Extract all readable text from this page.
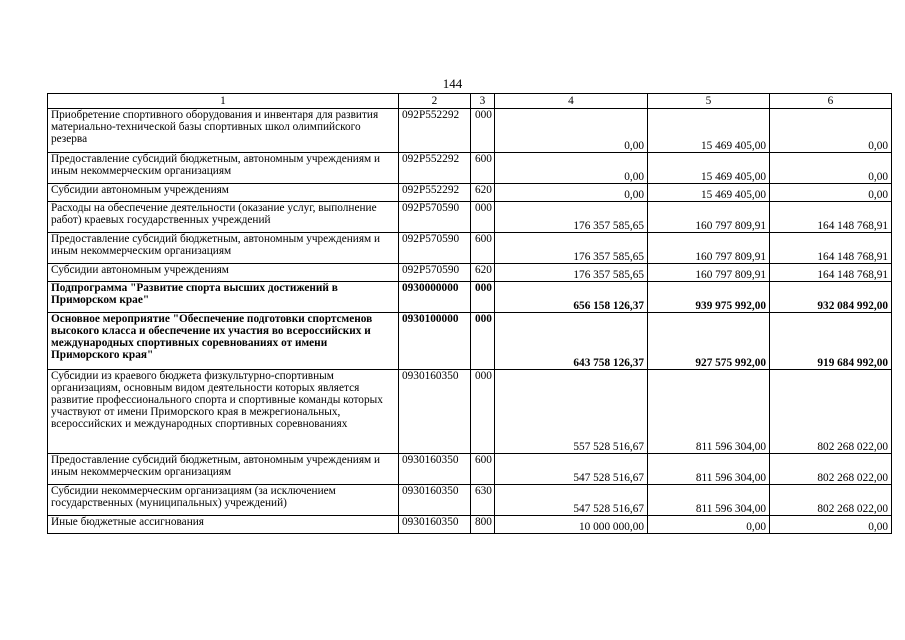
144
1	2	3	4	5	6
Приобретение спортивного оборудования и инвентаря для развития материально-технической базы спортивных школ олимпийского резерва	092P552292	000	0,00	15 469 405,00	0,00
Предоставление субсидий бюджетным, автономным учреждениям и иным некоммерческим организациям	092P552292	600	0,00	15 469 405,00	0,00
Субсидии автономным учреждениям	092P552292	620	0,00	15 469 405,00	0,00
Расходы на обеспечение деятельности (оказание услуг, выполнение работ) краевых государственных учреждений	092P570590	000	176 357 585,65	160 797 809,91	164 148 768,91
Предоставление субсидий бюджетным, автономным учреждениям и иным некоммерческим организациям	092P570590	600	176 357 585,65	160 797 809,91	164 148 768,91
Субсидии автономным учреждениям	092P570590	620	176 357 585,65	160 797 809,91	164 148 768,91
Подпрограмма "Развитие спорта высших достижений в Приморском крае"	0930000000	000	656 158 126,37	939 975 992,00	932 084 992,00
Основное мероприятие "Обеспечение подготовки спортсменов высокого класса и обеспечение их участия во всероссийских и международных спортивных соревнованиях от имени Приморского края"	0930100000	000	643 758 126,37	927 575 992,00	919 684 992,00
Субсидии из краевого бюджета физкультурно-спортивным организациям, основным видом деятельности которых является развитие профессионального спорта и спортивные команды которых участвуют от имени Приморского края в межрегиональных, всероссийских и международных спортивных соревнованиях	0930160350	000	557 528 516,67	811 596 304,00	802 268 022,00
Предоставление субсидий бюджетным, автономным учреждениям и иным некоммерческим организациям	0930160350	600	547 528 516,67	811 596 304,00	802 268 022,00
Субсидии некоммерческим организациям (за исключением государственных (муниципальных) учреждений)	0930160350	630	547 528 516,67	811 596 304,00	802 268 022,00
Иные бюджетные ассигнования	0930160350	800	10 000 000,00	0,00	0,00
